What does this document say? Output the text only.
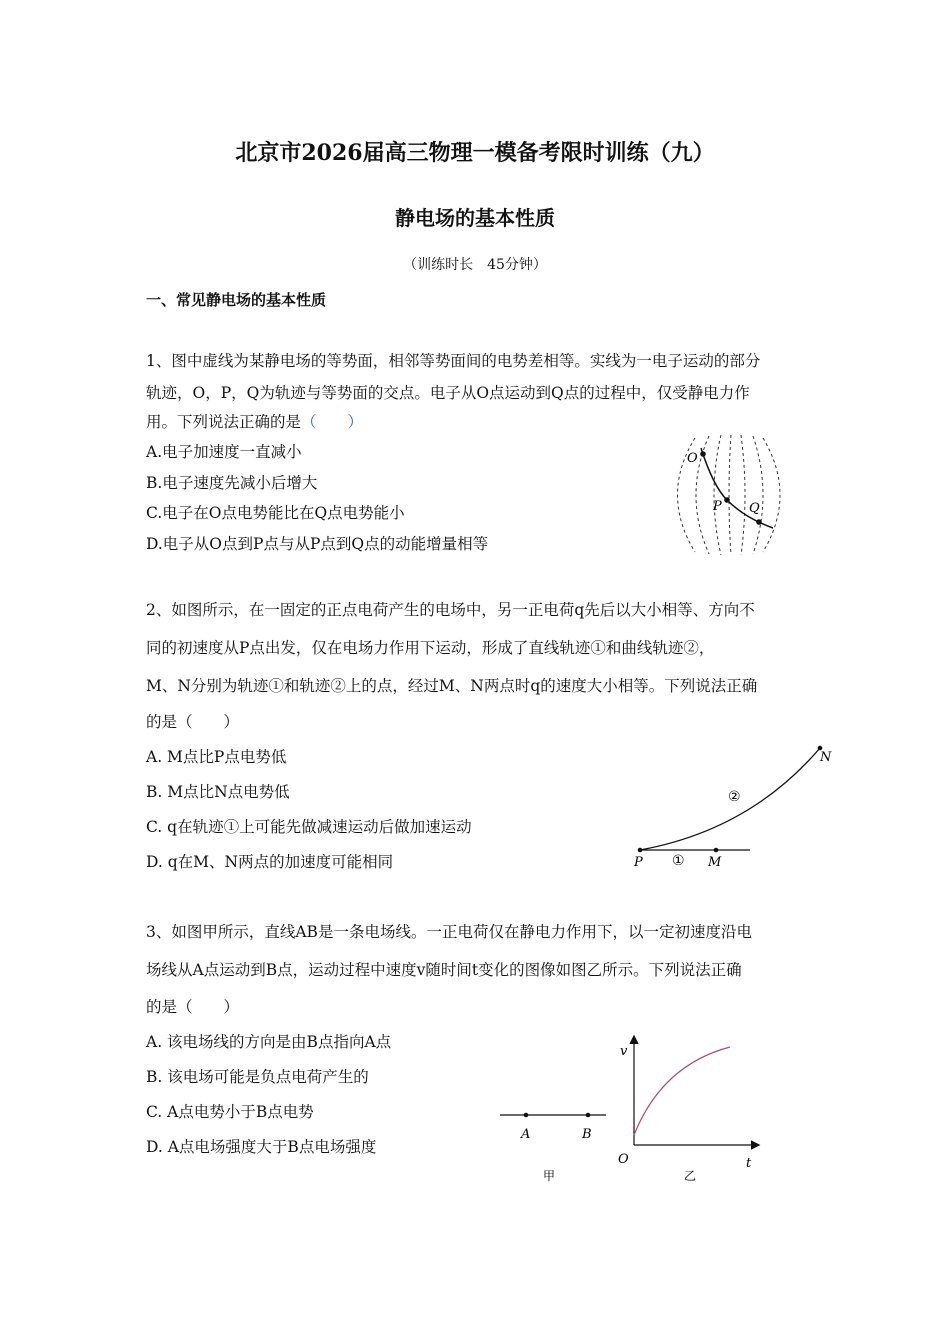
北京市2026届高三物理一模备考限时训练（九）
静电场的基本性质
（训练时长　45分钟）
一、常见静电场的基本性质
1、图中虚线为某静电场的等势面，相邻等势面间的电势差相等。实线为一电子运动的部分
轨迹，O，P，Q为轨迹与等势面的交点。电子从O点运动到Q点的过程中，仅受静电力作
用。下列说法正确的是（　　）
A.电子加速度一直减小
B.电子速度先减小后增大
C.电子在O点电势能比在Q点电势能小
D.电子从O点到P点与从P点到Q点的动能增量相等
O
P Q
2、如图所示，在一固定的正点电荷产生的电场中，另一正电荷q先后以大小相等、方向不
同的初速度从P点出发，仅在电场力作用下运动，形成了直线轨迹①和曲线轨迹②，
M、N分别为轨迹①和轨迹②上的点，经过M、N两点时q的速度大小相等。下列说法正确
的是（　　）
A. M点比P点电势低
B. M点比N点电势低
C. q在轨迹①上可能先做减速运动后做加速运动
D. q在M、N两点的加速度可能相同	P	M
N
①
②
3、如图甲所示，直线AB是一条电场线。一正电荷仅在静电力作用下，以一定初速度沿电
场线从A点运动到B点，运动过程中速度v随时间t变化的图像如图乙所示。下列说法正确
的是（　　）
A. 该电场线的方向是由B点指向A点
B. 该电场可能是负点电荷产生的
C. A点电势小于B点电势
D. A点电场强度大于B点电场强度
A	B
甲
v
t
O
乙
